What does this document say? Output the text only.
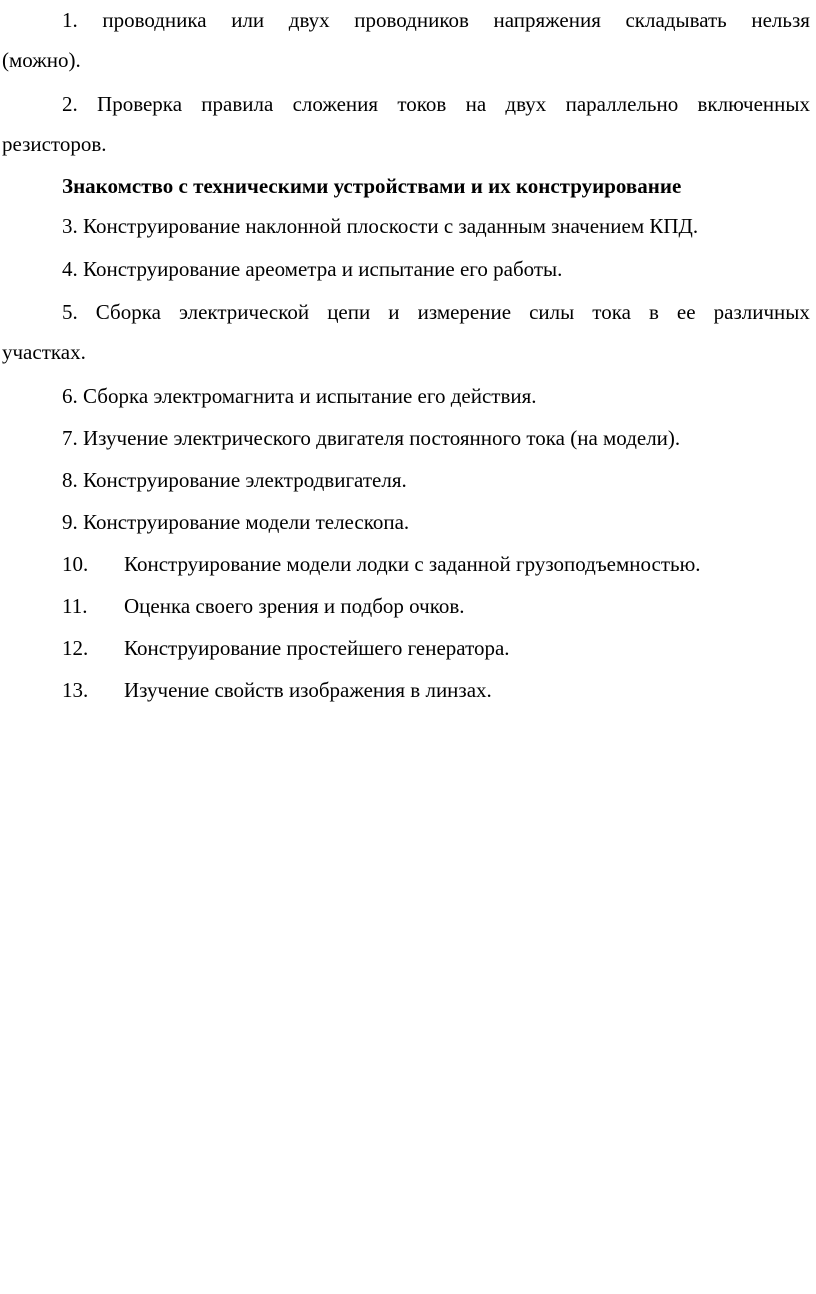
1. проводника или двух проводников напряжения складывать нельзя
(можно).
2. Проверка правила сложения токов на двух параллельно включенных
резисторов.
Знакомство с техническими устройствами и их конструирование
3. Конструирование наклонной плоскости с заданным значением КПД.
4. Конструирование ареометра и испытание его работы.
5. Сборка электрической цепи и измерение силы тока в ее различных
участках.
6. Сборка электромагнита и испытание его действия.
7. Изучение электрического двигателя постоянного тока (на модели).
8. Конструирование электродвигателя.
9. Конструирование модели телескопа.
10. Конструирование модели лодки с заданной грузоподъемностью.
11. Оценка своего зрения и подбор очков.
12. Конструирование простейшего генератора.
13. Изучение свойств изображения в линзах.
